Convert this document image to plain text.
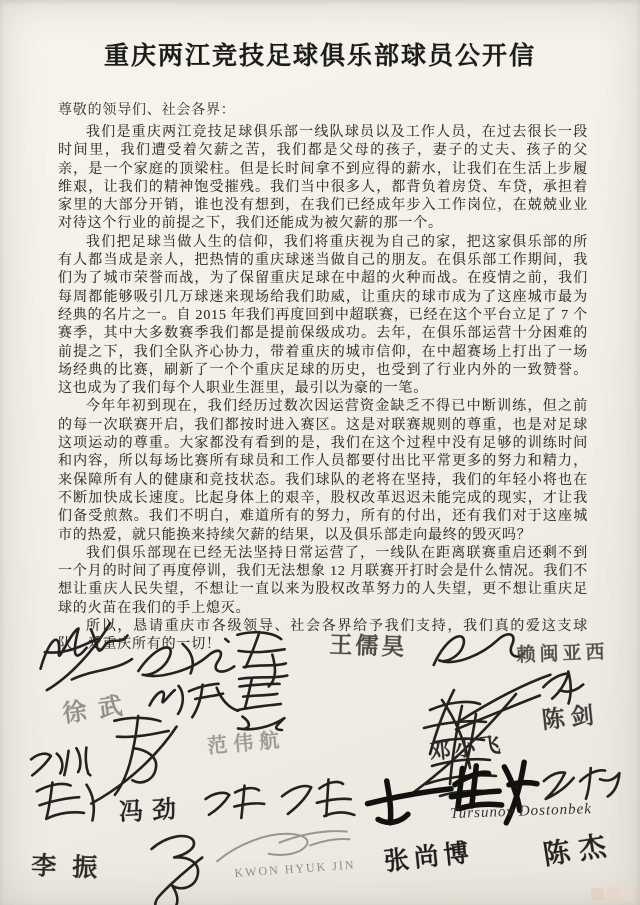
重庆两江竞技足球俱乐部球员公开信
尊敬的领导们、社会各界：

我们是重庆两江竞技足球俱乐部一线队球员以及工作人员，在过去很长一段时间里，我们遭受着欠薪之苦，我们都是父母的孩子，妻子的丈夫、孩子的父亲，是一个家庭的顶梁柱。但是长时间拿不到应得的薪水，让我们在生活上步履维艰，让我们的精神饱受摧残。我们当中很多人，都背负着房贷、车贷，承担着家里的大部分开销，谁也没有想到，在我们已经成年步入工作岗位，在兢兢业业对待这个行业的前提之下，我们还能成为被欠薪的那一个。

我们把足球当做人生的信仰，我们将重庆视为自己的家，把这家俱乐部的所有人都当成是亲人，把热情的重庆球迷当做自己的朋友。在俱乐部工作期间，我们为了城市荣誉而战，为了保留重庆足球在中超的火种而战。在疫情之前，我们每周都能够吸引几万球迷来现场给我们助威，让重庆的球市成为了这座城市最为经典的名片之一。自 2015 年我们再度回到中超联赛，已经在这个平台立足了 7 个赛季，其中大多数赛季我们都是提前保级成功。去年，在俱乐部运营十分困难的前提之下，我们全队齐心协力，带着重庆的城市信仰，在中超赛场上打出了一场场经典的比赛，刷新了一个个重庆足球的历史，也受到了行业内外的一致赞誉。这也成为了我们每个人职业生涯里，最引以为豪的一笔。

今年年初到现在，我们经历过数次因运营资金缺乏不得已中断训练，但之前的每一次联赛开启，我们都按时进入赛区。这是对联赛规则的尊重，也是对足球这项运动的尊重。大家都没有看到的是，我们在这个过程中没有足够的训练时间和内容，所以每场比赛所有球员和工作人员都要付出比平常更多的努力和精力，来保障所有人的健康和竞技状态。我们球队的老将在坚持，我们的年轻小将也在不断加快成长速度。比起身体上的艰辛，股权改革迟迟未能完成的现实，才让我们备受煎熬。我们不明白，难道所有的努力，所有的付出，还有我们对于这座城市的热爱，就只能换来持续欠薪的结果，以及俱乐部走向最终的毁灭吗？

我们俱乐部现在已经无法坚持日常运营了，一线队在距离联赛重启还剩不到一个月的时间了再度停训，我们无法想象 12 月联赛开打时会是什么情况。我们不想让重庆人民失望，不想让一直以来为股权改革努力的人失望，更不想让重庆足球的火苗在我们的手上熄灭。

所以，恳请重庆市各级领导、社会各界给予我们支持，我们真的爱这支球队，爱重庆所有的一切！	王儒昊	赖闽亚西
徐武
范伟航
陈剑
邓小飞
Tursunov Dostonbek
冯劲
李振	KWON HYUK JIN 张尚博 陈杰
